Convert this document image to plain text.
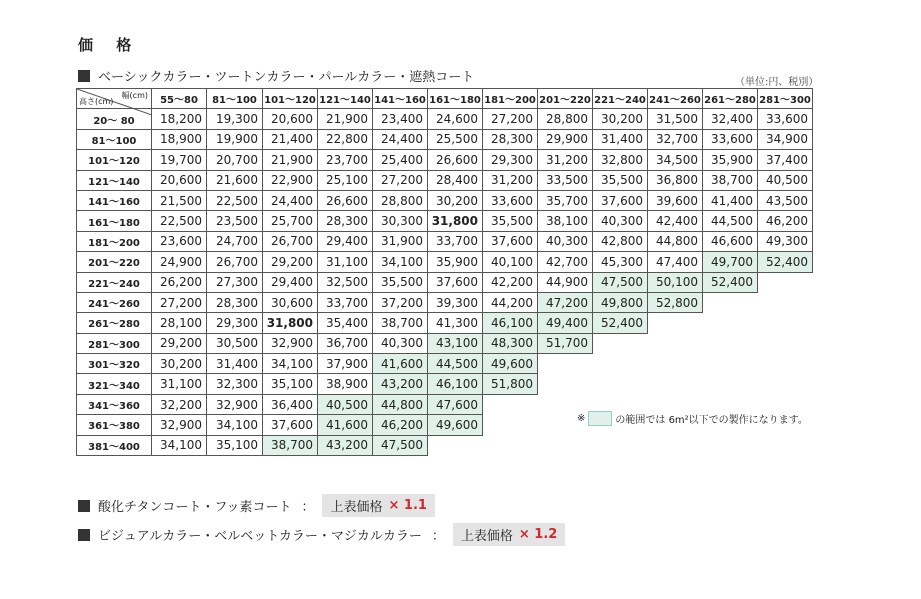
価 格
ベーシックカラー・ツートンカラー・パールカラー・遮熱コート	（単位:円、税別）
幅(cm)
高さ(cm)	55〜80	81〜100	101〜120	121〜140	141〜160	161〜180	181〜200	201〜220	221〜240	241〜260	261〜280	281〜300
20〜 80	18,200	19,300	20,600	21,900	23,400	24,600	27,200	28,800	30,200	31,500	32,400	33,600
81〜100	18,900	19,900	21,400	22,800	24,400	25,500	28,300	29,900	31,400	32,700	33,600	34,900
101〜120	19,700	20,700	21,900	23,700	25,400	26,600	29,300	31,200	32,800	34,500	35,900	37,400
121〜140	20,600	21,600	22,900	25,100	27,200	28,400	31,200	33,500	35,500	36,800	38,700	40,500
141〜160	21,500	22,500	24,400	26,600	28,800	30,200	33,600	35,700	37,600	39,600	41,400	43,500
161〜180	22,500	23,500	25,700	28,300	30,300	31,800	35,500	38,100	40,300	42,400	44,500	46,200
181〜200	23,600	24,700	26,700	29,400	31,900	33,700	37,600	40,300	42,800	44,800	46,600	49,300
201〜220	24,900	26,700	29,200	31,100	34,100	35,900	40,100	42,700	45,300	47,400	49,700	52,400
221〜240	26,200	27,300	29,400	32,500	35,500	37,600	42,200	44,900	47,500	50,100	52,400	
241〜260	27,200	28,300	30,600	33,700	37,200	39,300	44,200	47,200	49,800	52,800		
261〜280	28,100	29,300	31,800	35,400	38,700	41,300	46,100	49,400	52,400			
281〜300	29,200	30,500	32,900	36,700	40,300	43,100	48,300	51,700				
301〜320	30,200	31,400	34,100	37,900	41,600	44,500	49,600					
321〜340	31,100	32,300	35,100	38,900	43,200	46,100	51,800					
341〜360	32,200	32,900	36,400	40,500	44,800	47,600						
361〜380	32,900	34,100	37,600	41,600	46,200	49,600						
381〜400	34,100	35,100	38,700	43,200	47,500							
※	の範囲では 6m²以下での製作になります。
酸化チタンコート・フッ素コート ： 上表価格 × 1.1
ビジュアルカラー・ベルベットカラー・マジカルカラー ： 上表価格 × 1.2
